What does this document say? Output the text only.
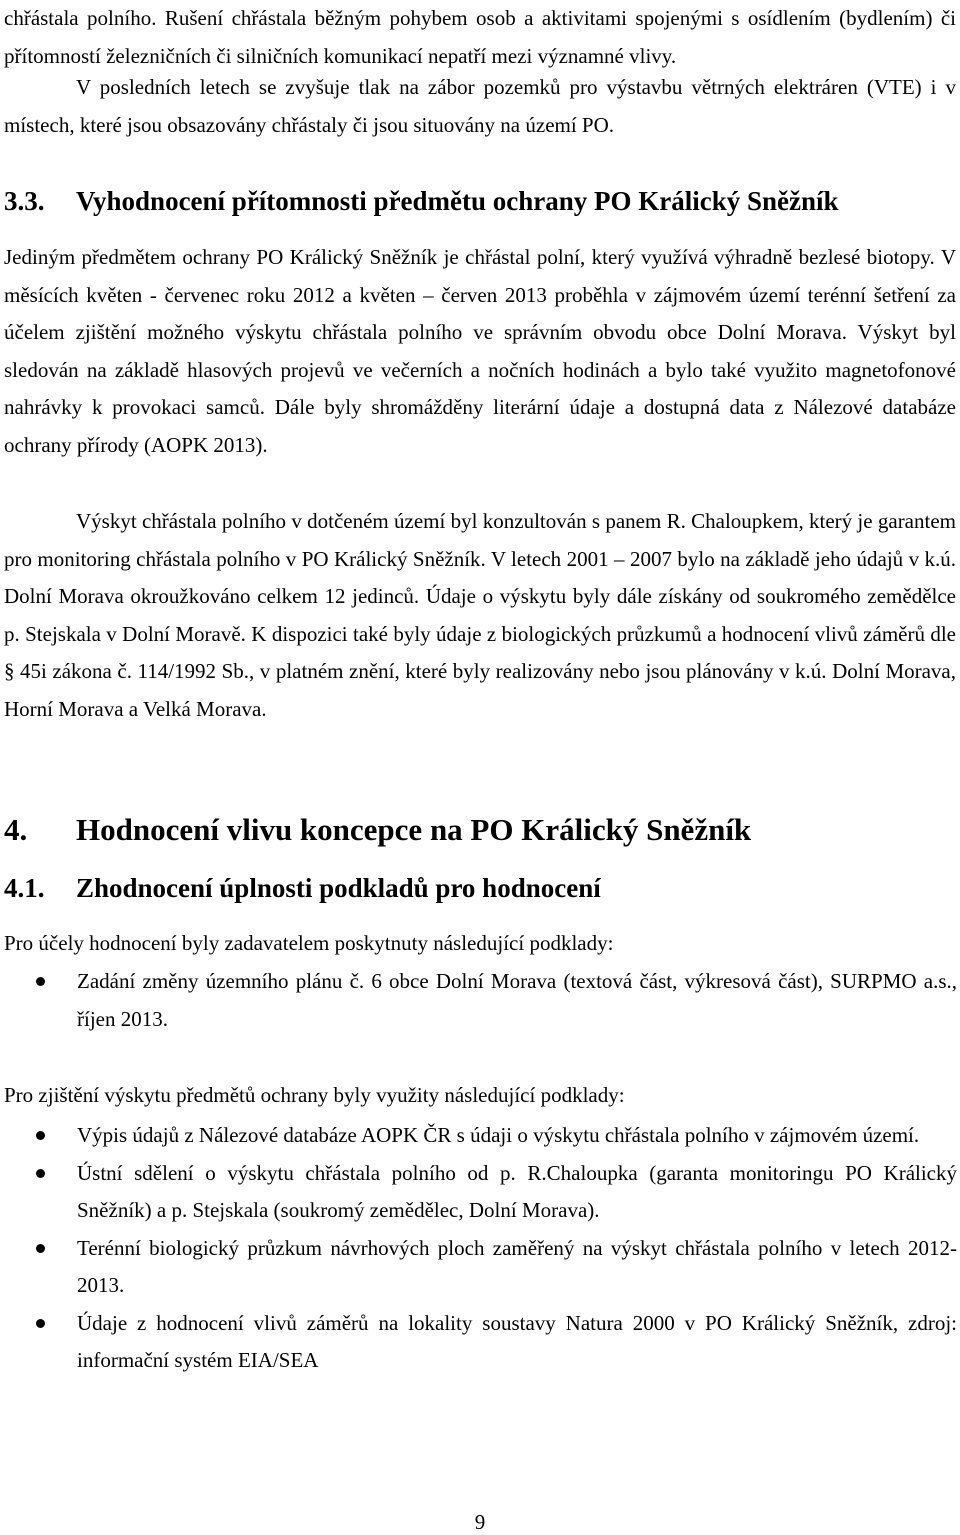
chřástala polního. Rušení chřástala běžným pohybem osob a aktivitami spojenými s osídlením (bydlením) či přítomností železničních či silničních komunikací nepatří mezi významné vlivy.

V posledních letech se zvyšuje tlak na zábor pozemků pro výstavbu větrných elektráren (VTE) i v místech, které jsou obsazovány chřástaly či jsou situovány na území PO.

3.3. Vyhodnocení přítomnosti předmětu ochrany PO Králický Sněžník

Jediným předmětem ochrany PO Králický Sněžník je chřástal polní, který využívá výhradně bezlesé biotopy. V měsících květen - červenec roku 2012 a květen – červen 2013 proběhla v zájmovém území terénní šetření za účelem zjištění možného výskytu chřástala polního ve správním obvodu obce Dolní Morava. Výskyt byl sledován na základě hlasových projevů ve večerních a nočních hodinách a bylo také využito magnetofonové nahrávky k provokaci samců. Dále byly shromážděny literární údaje a dostupná data z Nálezové databáze ochrany přírody (AOPK 2013).

Výskyt chřástala polního v dotčeném území byl konzultován s panem R. Chaloupkem, který je garantem pro monitoring chřástala polního v PO Králický Sněžník. V letech 2001 – 2007 bylo na základě jeho údajů v k.ú. Dolní Morava okroužkováno celkem 12 jedinců. Údaje o výskytu byly dále získány od soukromého zemědělce p. Stejskala v Dolní Moravě. K dispozici také byly údaje z biologických průzkumů a hodnocení vlivů záměrů dle § 45i zákona č. 114/1992 Sb., v platném znění, které byly realizovány nebo jsou plánovány v k.ú. Dolní Morava, Horní Morava a Velká Morava.

4. Hodnocení vlivu koncepce na PO Králický Sněžník
4.1. Zhodnocení úplnosti podkladů pro hodnocení

Pro účely hodnocení byly zadavatelem poskytnuty následující podklady:

Zadání změny územního plánu č. 6 obce Dolní Morava (textová část, výkresová část), SURPMO a.s., říjen 2013.

Pro zjištění výskytu předmětů ochrany byly využity následující podklady:

Výpis údajů z Nálezové databáze AOPK ČR s údaji o výskytu chřástala polního v zájmovém území.
Ústní sdělení o výskytu chřástala polního od p. R.Chaloupka (garanta monitoringu PO Králický Sněžník) a p. Stejskala (soukromý zemědělec, Dolní Morava).
Terénní biologický průzkum návrhových ploch zaměřený na výskyt chřástala polního v letech 2012-2013.
Údaje z hodnocení vlivů záměrů na lokality soustavy Natura 2000 v PO Králický Sněžník, zdroj: informační systém EIA/SEA
9
